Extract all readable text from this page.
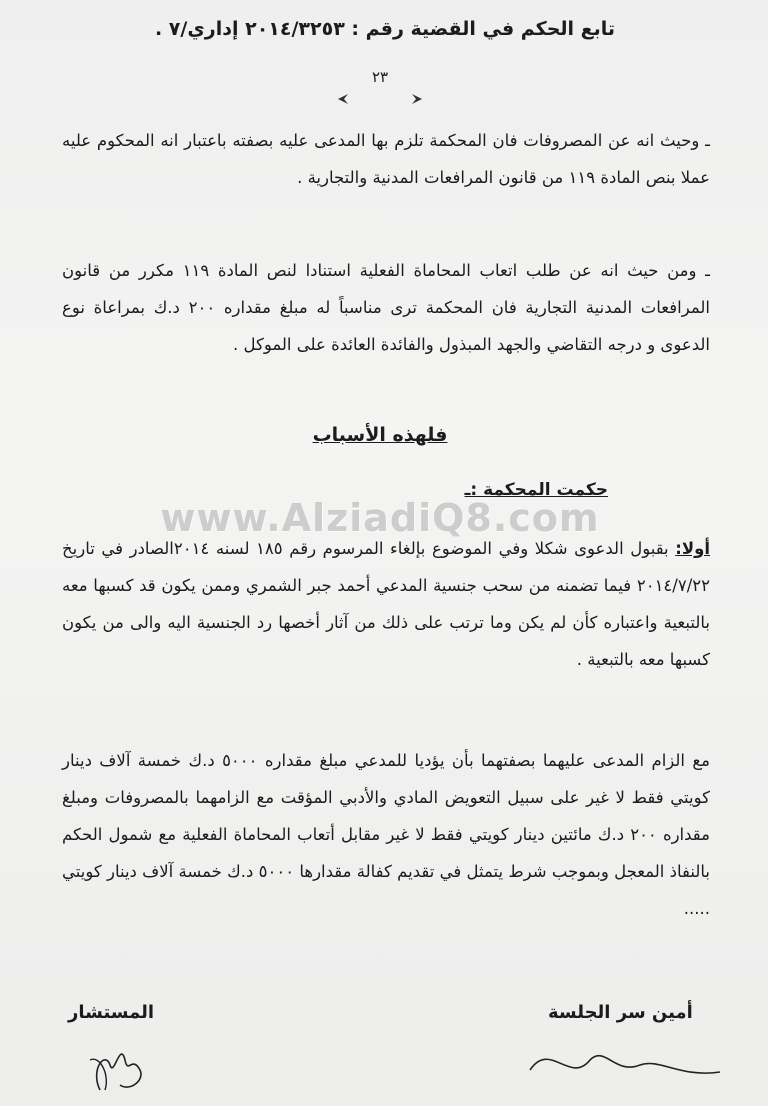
تابع الحكم في القضية رقم : ٢٠١٤/٣٢٥٣ إداري/٧ .
٢٣
ـ وحيث انه عن المصروفات فان المحكمة تلزم بها المدعى عليه بصفته باعتبار انه المحكوم عليه عملا بنص المادة ١١٩ من قانون المرافعات المدنية والتجارية .
ـ ومن حيث انه عن طلب اتعاب المحاماة الفعلية استنادا لنص المادة ١١٩ مكرر من قانون المرافعات المدنية التجارية فان المحكمة ترى مناسباً له مبلغ مقداره ٢٠٠ د.ك بمراعاة نوع الدعوى و درجه التقاضي والجهد المبذول والفائدة العائدة على الموكل .
فلهذه الأسباب
حكمت المحكمة :ـ
www.AlziadiQ8.com
أولا: بقبول الدعوى شكلا وفي الموضوع بإلغاء المرسوم رقم ١٨٥ لسنه ٢٠١٤الصادر في تاريخ ٢٠١٤/٧/٢٢ فيما تضمنه من سحب جنسية المدعي أحمد جبر الشمري وممن يكون قد كسبها معه بالتبعية واعتباره كأن لم يكن وما ترتب على ذلك من آثار أخصها رد الجنسية اليه والى من يكون كسبها معه بالتبعية .
مع الزام المدعى عليهما بصفتهما بأن يؤديا للمدعي مبلغ مقداره ٥٠٠٠ د.ك خمسة آلاف دينار كويتي فقط لا غير على سبيل التعويض المادي والأدبي المؤقت مع الزامهما بالمصروفات ومبلغ مقداره ٢٠٠ د.ك مائتين دينار كويتي فقط لا غير مقابل أتعاب المحاماة الفعلية مع شمول الحكم بالنفاذ المعجل وبموجب شرط يتمثل في تقديم كفالة مقدارها ٥٠٠٠ د.ك خمسة آلاف دينار كويتي .....
المستشار	أمين سر الجلسة
